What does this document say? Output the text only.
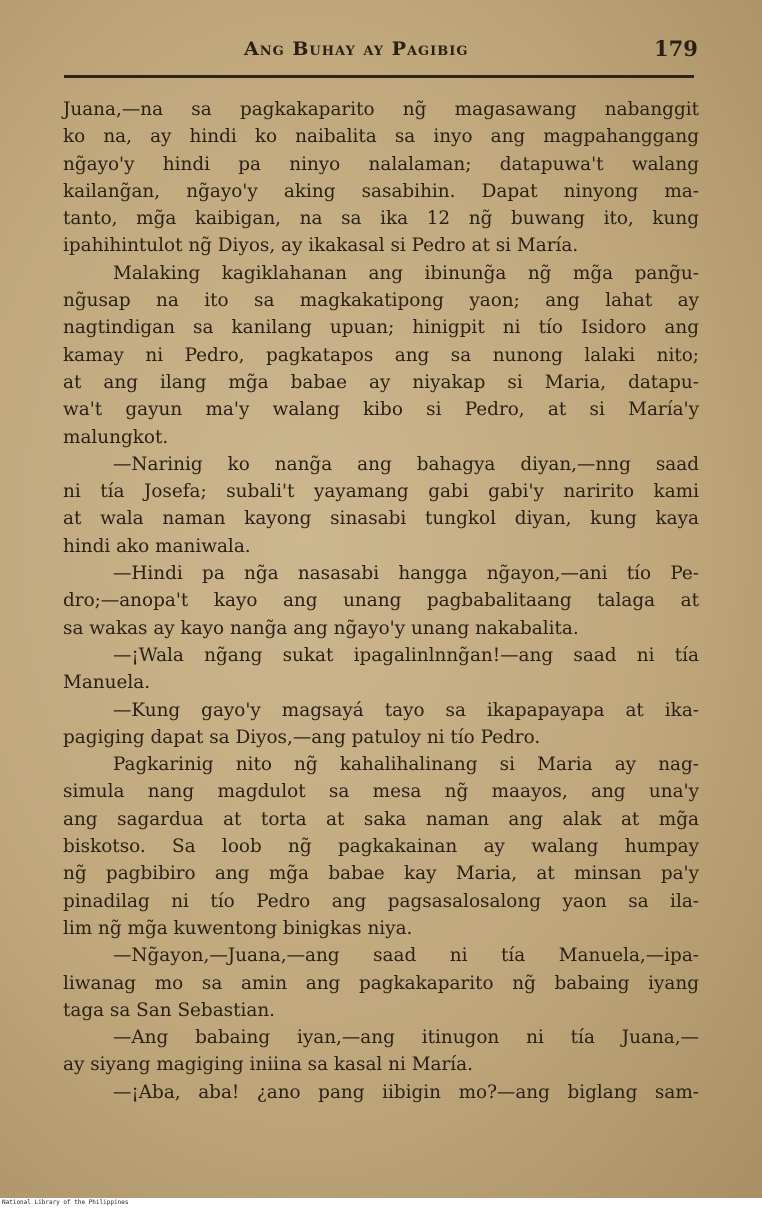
Ang Buhay ay Pagibig	179

Juana,—na sa pagkakaparito ng̃ magasawang nabanggit
ko na, ay hindi ko naibalita sa inyo ang magpahanggang
ng̃ayo'y hindi pa ninyo nalalaman; datapuwa't walang
kailang̃an, ng̃ayo'y aking sasabihin. Dapat ninyong ma-
tanto, mg̃a kaibigan, na sa ika 12 ng̃ buwang ito, kung
ipahihintulot ng̃ Diyos, ay ikakasal si Pedro at si María.
Malaking kagiklahanan ang ibinung̃a ng̃ mg̃a pang̃u-
ng̃usap na ito sa magkakatipong yaon; ang lahat ay
nagtindigan sa kanilang upuan; hinigpit ni tío Isidoro ang
kamay ni Pedro, pagkatapos ang sa nunong lalaki nito;
at ang ilang mg̃a babae ay niyakap si Maria, datapu-
wa't gayun ma'y walang kibo si Pedro, at si María'y
malungkot.
—Narinig ko nang̃a ang bahagya diyan,—nng saad
ni tía Josefa; subali't yayamang gabi gabi'y naririto kami
at wala naman kayong sinasabi tungkol diyan, kung kaya
hindi ako maniwala.
—Hindi pa ng̃a nasasabi hangga ng̃ayon,—ani tío Pe-
dro;—anopa't kayo ang unang pagbabalitaang talaga at
sa wakas ay kayo nang̃a ang ng̃ayo'y unang nakabalita.
—¡Wala ng̃ang sukat ipagalinlnng̃an!—ang saad ni tía
Manuela.
—Kung gayo'y magsayá tayo sa ikapapayapa at ika-
pagiging dapat sa Diyos,—ang patuloy ni tío Pedro.
Pagkarinig nito ng̃ kahalihalinang si Maria ay nag-
simula nang magdulot sa mesa ng̃ maayos, ang una'y
ang sagardua at torta at saka naman ang alak at mg̃a
biskotso. Sa loob ng̃ pagkakainan ay walang humpay
ng̃ pagbibiro ang mg̃a babae kay Maria, at minsan pa'y
pinadilag ni tío Pedro ang pagsasalosalong yaon sa ila-
lim ng̃ mg̃a kuwentong binigkas niya.
—Ng̃ayon,—Juana,—ang saad ni tía Manuela,—ipa-
liwanag mo sa amin ang pagkakaparito ng̃ babaing iyang
taga sa San Sebastian.
—Ang babaing iyan,—ang itinugon ni tía Juana,—
ay siyang magiging iniina sa kasal ni María.
—¡Aba, aba! ¿ano pang iibigin mo?—ang biglang sam-

National Library of the Philippines
